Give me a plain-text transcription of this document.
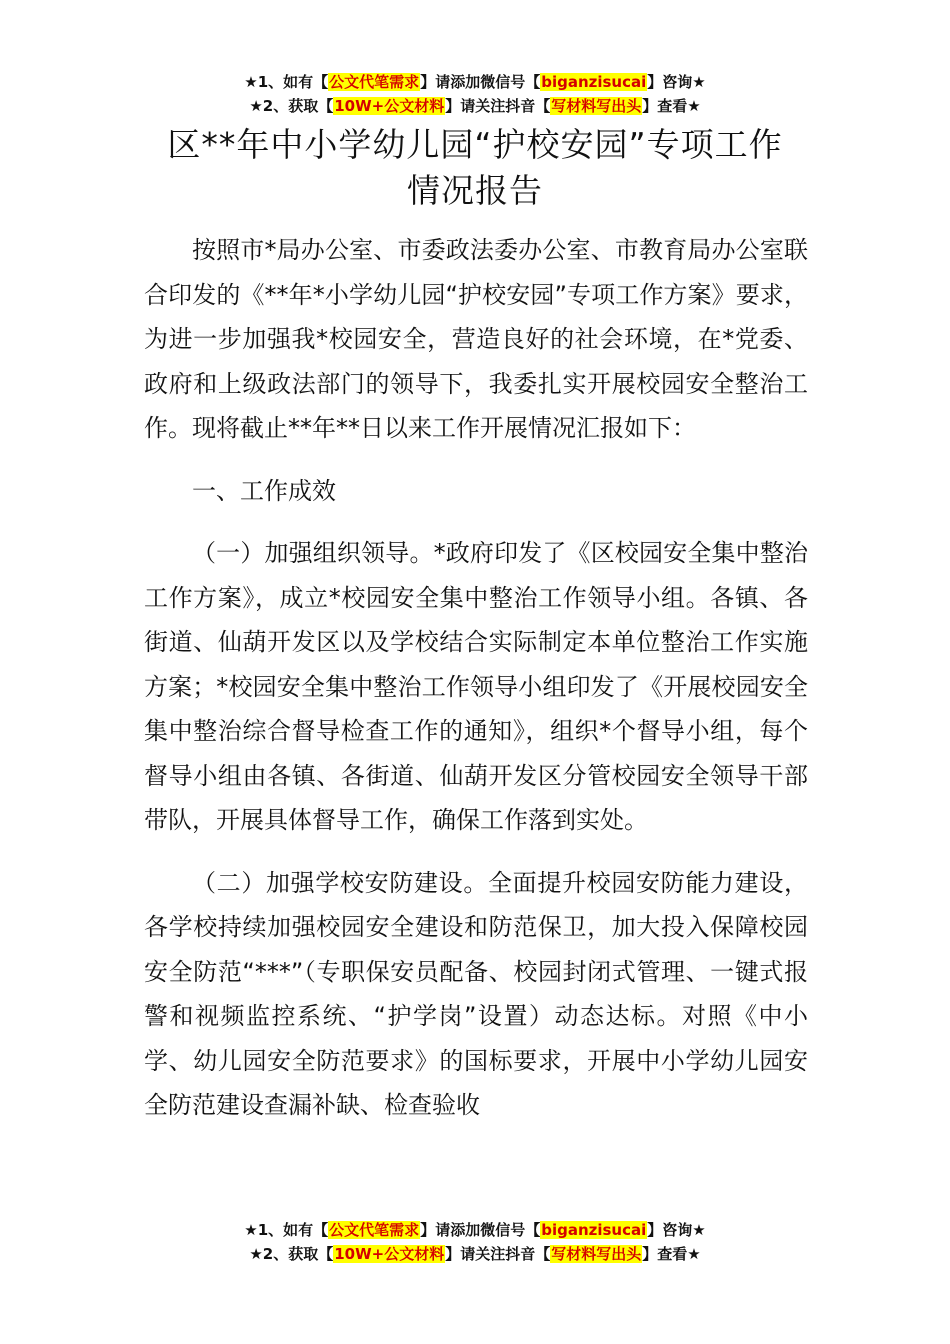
★1、如有【公文代笔需求】请添加微信号【biganzisucai】咨询★
★2、获取【10W+公文材料】请关注抖音【写材料写出头】查看★
区**年中小学幼儿园“护校安园”专项工作
情况报告

按照市*局办公室、市委政法委办公室、市教育局办公室联合印发的《**年*小学幼儿园“护校安园”专项工作方案》要求，为进一步加强我*校园安全，营造良好的社会环境，在*党委、政府和上级政法部门的领导下，我委扎实开展校园安全整治工作。现将截止**年**日以来工作开展情况汇报如下：

一、工作成效

（一）加强组织领导。*政府印发了《区校园安全集中整治工作方案》，成立*校园安全集中整治工作领导小组。各镇、各街道、仙葫开发区以及学校结合实际制定本单位整治工作实施方案；*校园安全集中整治工作领导小组印发了《开展校园安全集中整治综合督导检查工作的通知》，组织*个督导小组，每个督导小组由各镇、各街道、仙葫开发区分管校园安全领导干部带队，开展具体督导工作，确保工作落到实处。

（二）加强学校安防建设。全面提升校园安防能力建设，各学校持续加强校园安全建设和防范保卫，加大投入保障校园安全防范“***”（专职保安员配备、校园封闭式管理、一键式报警和视频监控系统、“护学岗”设置）动态达标。对照《中小学、幼儿园安全防范要求》的国标要求，开展中小学幼儿园安全防范建设查漏补缺、检查验收

★1、如有【公文代笔需求】请添加微信号【biganzisucai】咨询★
★2、获取【10W+公文材料】请关注抖音【写材料写出头】查看★
